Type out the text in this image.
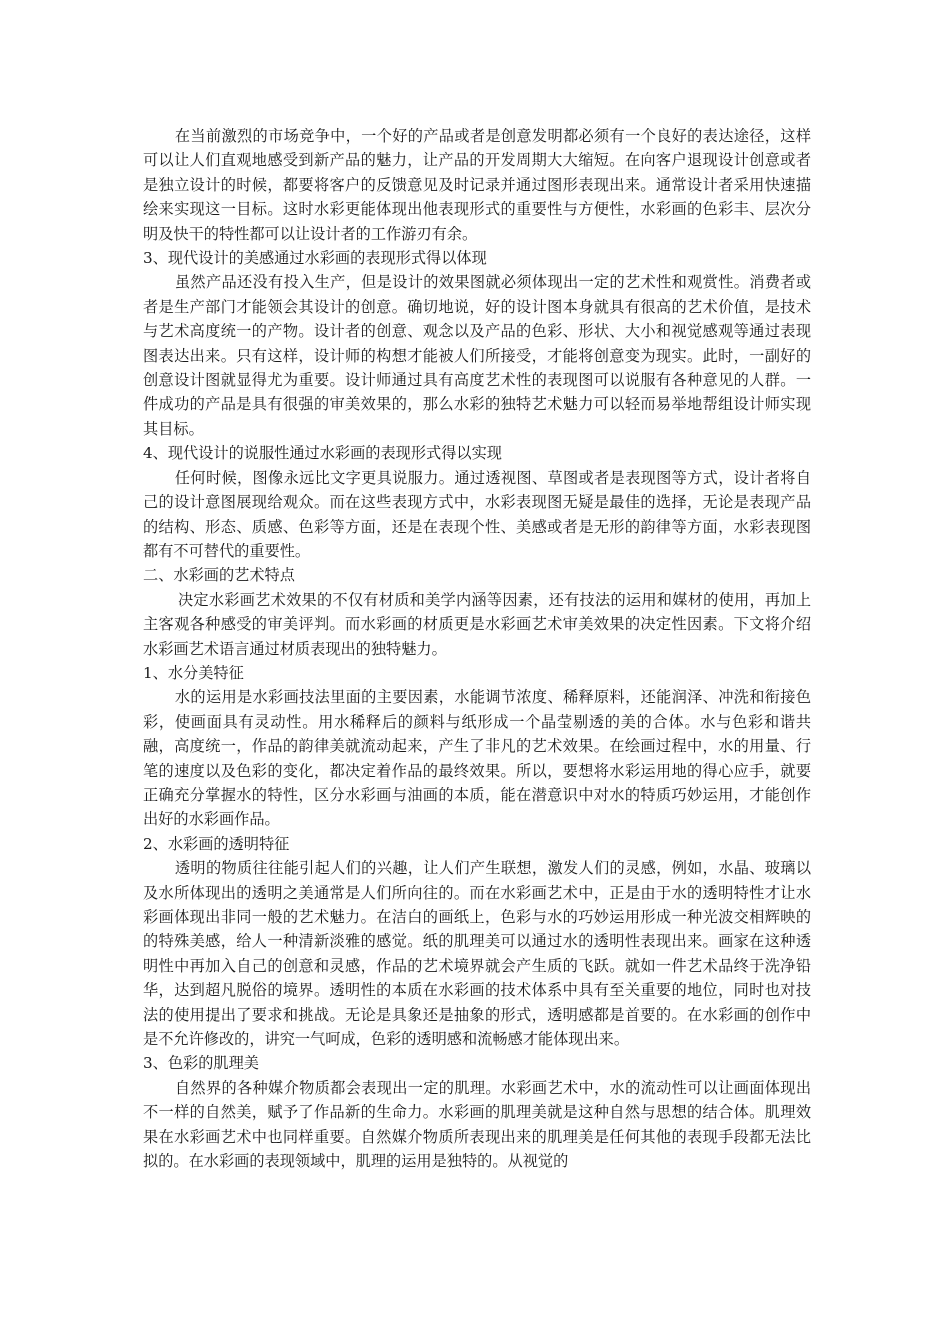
在当前激烈的市场竞争中，一个好的产品或者是创意发明都必须有一个良好的表达途径，这样可以让人们直观地感受到新产品的魅力，让产品的开发周期大大缩短。在向客户退现设计创意或者是独立设计的时候，都要将客户的反馈意见及时记录并通过图形表现出来。通常设计者采用快速描绘来实现这一目标。这时水彩更能体现出他表现形式的重要性与方便性，水彩画的色彩丰、层次分明及快干的特性都可以让设计者的工作游刃有余。

3、现代设计的美感通过水彩画的表现形式得以体现

虽然产品还没有投入生产，但是设计的效果图就必须体现出一定的艺术性和观赏性。消费者或者是生产部门才能领会其设计的创意。确切地说，好的设计图本身就具有很高的艺术价值，是技术与艺术高度统一的产物。设计者的创意、观念以及产品的色彩、形状、大小和视觉感观等通过表现图表达出来。只有这样，设计师的构想才能被人们所接受，才能将创意变为现实。此时，一副好的创意设计图就显得尤为重要。设计师通过具有高度艺术性的表现图可以说服有各种意见的人群。一件成功的产品是具有很强的审美效果的，那么水彩的独特艺术魅力可以轻而易举地帮组设计师实现其目标。

4、现代设计的说服性通过水彩画的表现形式得以实现

任何时候，图像永远比文字更具说服力。通过透视图、草图或者是表现图等方式，设计者将自己的设计意图展现给观众。而在这些表现方式中，水彩表现图无疑是最佳的选择，无论是表现产品的结构、形态、质感、色彩等方面，还是在表现个性、美感或者是无形的韵律等方面，水彩表现图都有不可替代的重要性。

二、水彩画的艺术特点

决定水彩画艺术效果的不仅有材质和美学内涵等因素，还有技法的运用和媒材的使用，再加上主客观各种感受的审美评判。而水彩画的材质更是水彩画艺术审美效果的决定性因素。下文将介绍水彩画艺术语言通过材质表现出的独特魅力。

1、水分美特征

水的运用是水彩画技法里面的主要因素，水能调节浓度、稀释原料，还能润泽、冲洗和衔接色彩，使画面具有灵动性。用水稀释后的颜料与纸形成一个晶莹剔透的美的合体。水与色彩和谐共融，高度统一，作品的韵律美就流动起来，产生了非凡的艺术效果。在绘画过程中，水的用量、行笔的速度以及色彩的变化，都决定着作品的最终效果。所以，要想将水彩运用地的得心应手，就要正确充分掌握水的特性，区分水彩画与油画的本质，能在潜意识中对水的特质巧妙运用，才能创作出好的水彩画作品。

2、水彩画的透明特征

透明的物质往往能引起人们的兴趣，让人们产生联想，激发人们的灵感，例如，水晶、玻璃以及水所体现出的透明之美通常是人们所向往的。而在水彩画艺术中，正是由于水的透明特性才让水彩画体现出非同一般的艺术魅力。在洁白的画纸上，色彩与水的巧妙运用形成一种光波交相辉映的的特殊美感，给人一种清新淡雅的感觉。纸的肌理美可以通过水的透明性表现出来。画家在这种透明性中再加入自己的创意和灵感，作品的艺术境界就会产生质的飞跃。就如一件艺术品终于洗净铅华，达到超凡脱俗的境界。透明性的本质在水彩画的技术体系中具有至关重要的地位，同时也对技法的使用提出了要求和挑战。无论是具象还是抽象的形式，透明感都是首要的。在水彩画的创作中是不允许修改的，讲究一气呵成，色彩的透明感和流畅感才能体现出来。

3、色彩的肌理美

自然界的各种媒介物质都会表现出一定的肌理。水彩画艺术中，水的流动性可以让画面体现出不一样的自然美，赋予了作品新的生命力。水彩画的肌理美就是这种自然与思想的结合体。肌理效果在水彩画艺术中也同样重要。自然媒介物质所表现出来的肌理美是任何其他的表现手段都无法比拟的。在水彩画的表现领域中，肌理的运用是独特的。从视觉的
